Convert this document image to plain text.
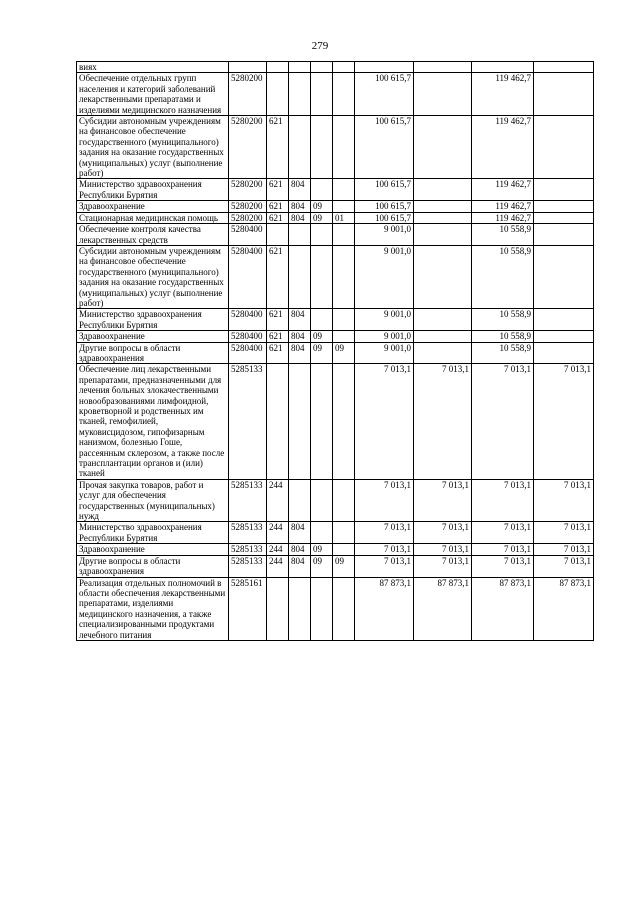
279
виях									
Обеспечение отдельных групп населения и категорий заболеваний лекарственными препаратами и изделиями медицинского назначения	5280200					100 615,7		119 462,7	
Субсидии автономным учреждениям на финансовое обеспечение государственного (муниципального) задания на оказание государственных (муниципальных) услуг (выполнение работ)	5280200	621				100 615,7		119 462,7	
Министерство здравоохранения Республики Бурятия	5280200	621	804			100 615,7		119 462,7	
Здравоохранение	5280200	621	804	09		100 615,7		119 462,7	
Стационарная медицинская помощь	5280200	621	804	09	01	100 615,7		119 462,7	
Обеспечение контроля качества лекарственных средств	5280400					9 001,0		10 558,9	
Субсидии автономным учреждениям на финансовое обеспечение государственного (муниципального) задания на оказание государственных (муниципальных) услуг (выполнение работ)	5280400	621				9 001,0		10 558,9	
Министерство здравоохранения Республики Бурятия	5280400	621	804			9 001,0		10 558,9	
Здравоохранение	5280400	621	804	09		9 001,0		10 558,9	
Другие вопросы в области здравоохранения	5280400	621	804	09	09	9 001,0		10 558,9	
Обеспечение лиц лекарственными препаратами, предназначенными для лечения больных злокачественными новообразованиями лимфоидной, кроветворной и родственных им тканей, гемофилией, муковисцидозом, гипофизарным нанизмом, болезнью Гоше, рассеянным склерозом, а также после трансплантации органов и (или) тканей	5285133					7 013,1	7 013,1	7 013,1	7 013,1
Прочая закупка товаров, работ и услуг для обеспечения государственных (муниципальных) нужд	5285133	244				7 013,1	7 013,1	7 013,1	7 013,1
Министерство здравоохранения Республики Бурятия	5285133	244	804			7 013,1	7 013,1	7 013,1	7 013,1
Здравоохранение	5285133	244	804	09		7 013,1	7 013,1	7 013,1	7 013,1
Другие вопросы в области здравоохранения	5285133	244	804	09	09	7 013,1	7 013,1	7 013,1	7 013,1
Реализация отдельных полномочий в области обеспечения лекарственными препаратами, изделиями медицинского назначения, а также специализированными продуктами лечебного питания	5285161					87 873,1	87 873,1	87 873,1	87 873,1
